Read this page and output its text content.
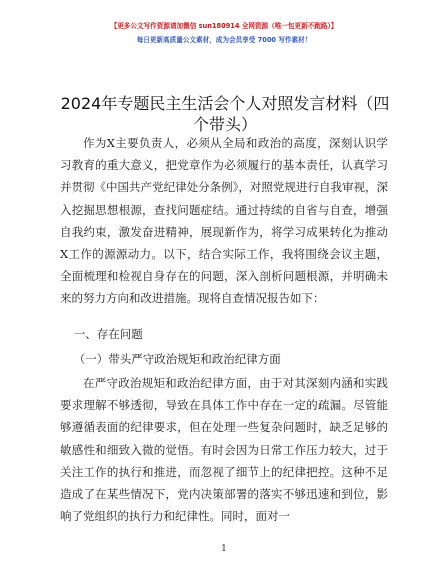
【更多公文写作资源请加微信 sun180914 全网资源（唯一包更新不跑路）】
每日更新高质量公文素材，成为会员享受 7000 写作素材！
2024年专题民主生活会个人对照发言材料（四个带头）

作为X主要负责人，必须从全局和政治的高度，深刻认识学习教育的重大意义，把党章作为必须履行的基本责任，认真学习并贯彻《中国共产党纪律处分条例》，对照党规进行自我审视，深入挖掘思想根源，查找问题症结。通过持续的自省与自查，增强自我约束，激发奋进精神，展现新作为，将学习成果转化为推动X工作的源源动力。以下，结合实际工作，我将围绕会议主题，全面梳理和检视自身存在的问题，深入剖析问题根源，并明确未来的努力方向和改进措施。现将自查情况报告如下：

一、存在问题

（一）带头严守政治规矩和政治纪律方面

在严守政治规矩和政治纪律方面，由于对其深刻内涵和实践要求理解不够透彻，导致在具体工作中存在一定的疏漏。尽管能够遵循表面的纪律要求，但在处理一些复杂问题时，缺乏足够的敏感性和细致入微的觉悟。有时会因为日常工作压力较大，过于关注工作的执行和推进，而忽视了细节上的纪律把控。这种不足造成了在某些情况下，党内决策部署的落实不够迅速和到位，影响了党组织的执行力和纪律性。同时，面对一

1
